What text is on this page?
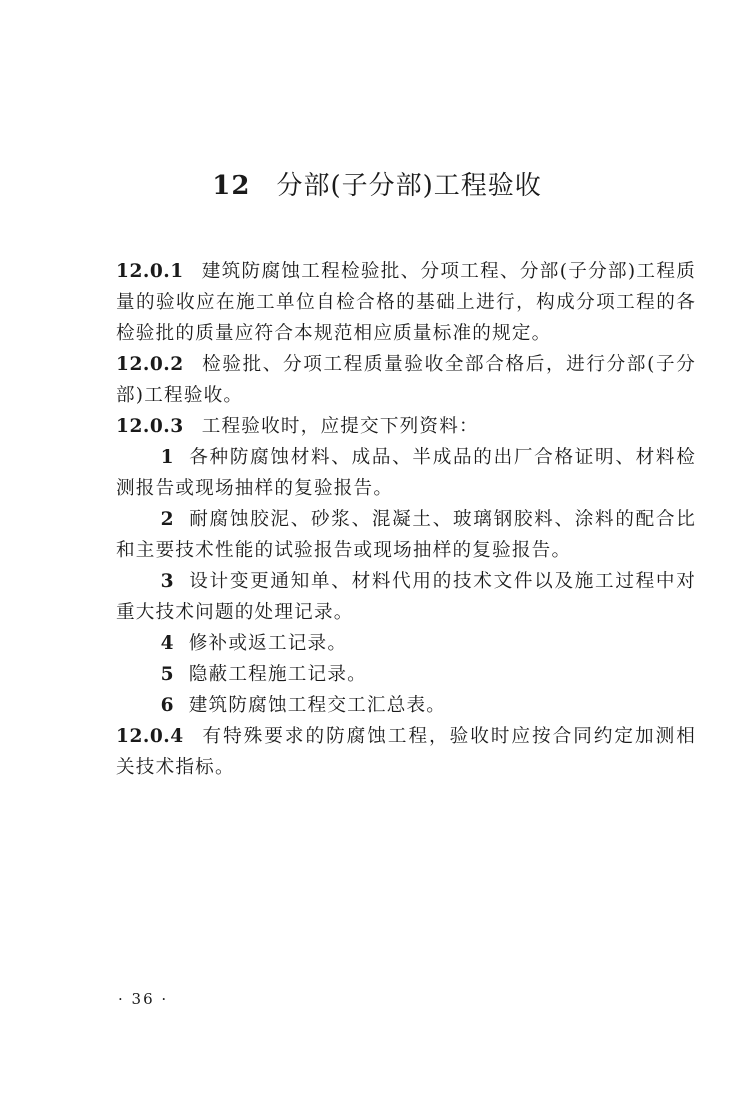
12 分部(子分部)工程验收

12.0.1 建筑防腐蚀工程检验批、分项工程、分部(子分部)工程质量的验收应在施工单位自检合格的基础上进行，构成分项工程的各检验批的质量应符合本规范相应质量标准的规定。

12.0.2 检验批、分项工程质量验收全部合格后，进行分部(子分部)工程验收。

12.0.3 工程验收时，应提交下列资料：

1 各种防腐蚀材料、成品、半成品的出厂合格证明、材料检测报告或现场抽样的复验报告。

2 耐腐蚀胶泥、砂浆、混凝土、玻璃钢胶料、涂料的配合比和主要技术性能的试验报告或现场抽样的复验报告。

3 设计变更通知单、材料代用的技术文件以及施工过程中对重大技术问题的处理记录。

4 修补或返工记录。

5 隐蔽工程施工记录。

6 建筑防腐蚀工程交工汇总表。

12.0.4 有特殊要求的防腐蚀工程，验收时应按合同约定加测相关技术指标。

· 36 ·
